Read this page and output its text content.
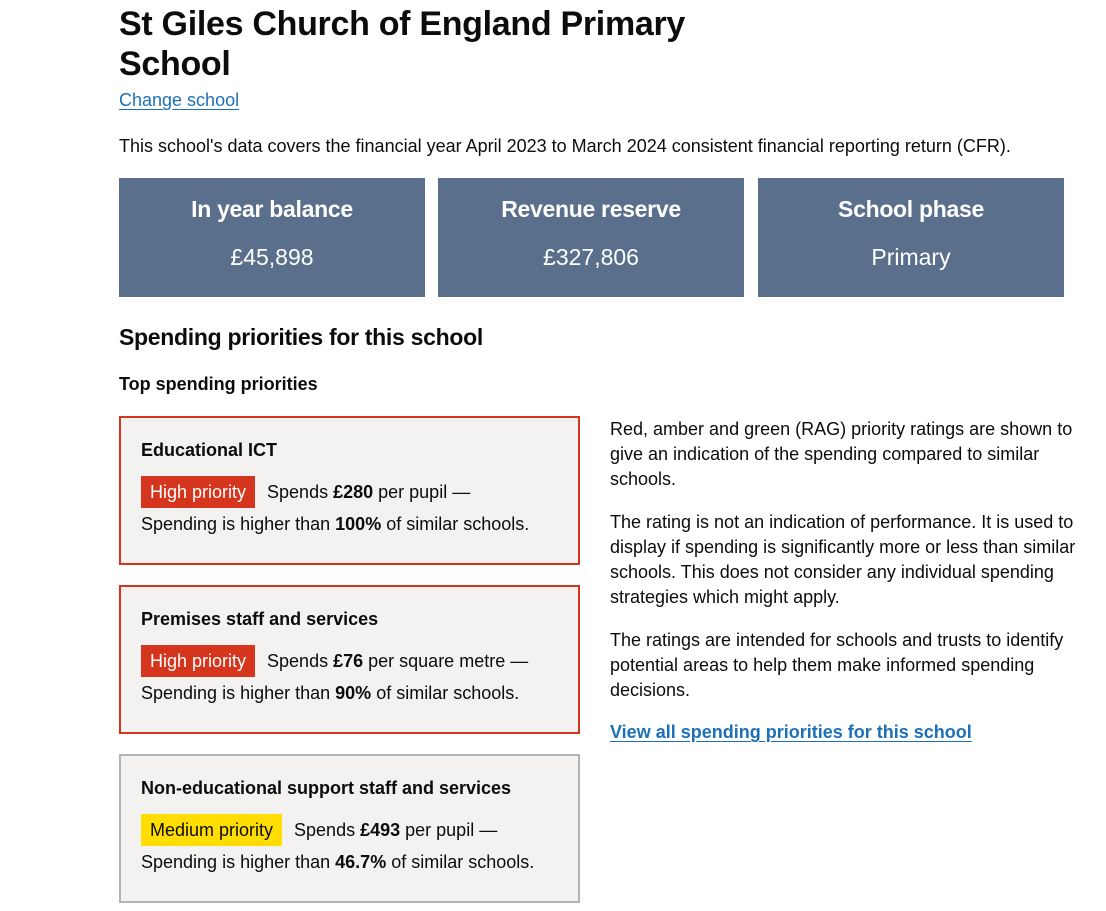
St Giles Church of England Primary School
Change school

This school's data covers the financial year April 2023 to March 2024 consistent financial reporting return (CFR).

In year balance
£45,898
Revenue reserve
£327,806
School phase
Primary
Spending priorities for this school
Top spending priorities
Educational ICT
High priority Spends £280 per pupil —
Spending is higher than 100% of similar schools.
Premises staff and services
High priority Spends £76 per square metre —
Spending is higher than 90% of similar schools.
Non-educational support staff and services
Medium priority Spends £493 per pupil —
Spending is higher than 46.7% of similar schools.

Red, amber and green (RAG) priority ratings are shown to give an indication of the spending compared to similar schools.

The rating is not an indication of performance. It is used to display if spending is significantly more or less than similar schools. This does not consider any individual spending strategies which might apply.

The ratings are intended for schools and trusts to identify potential areas to help them make informed spending decisions.

View all spending priorities for this school
